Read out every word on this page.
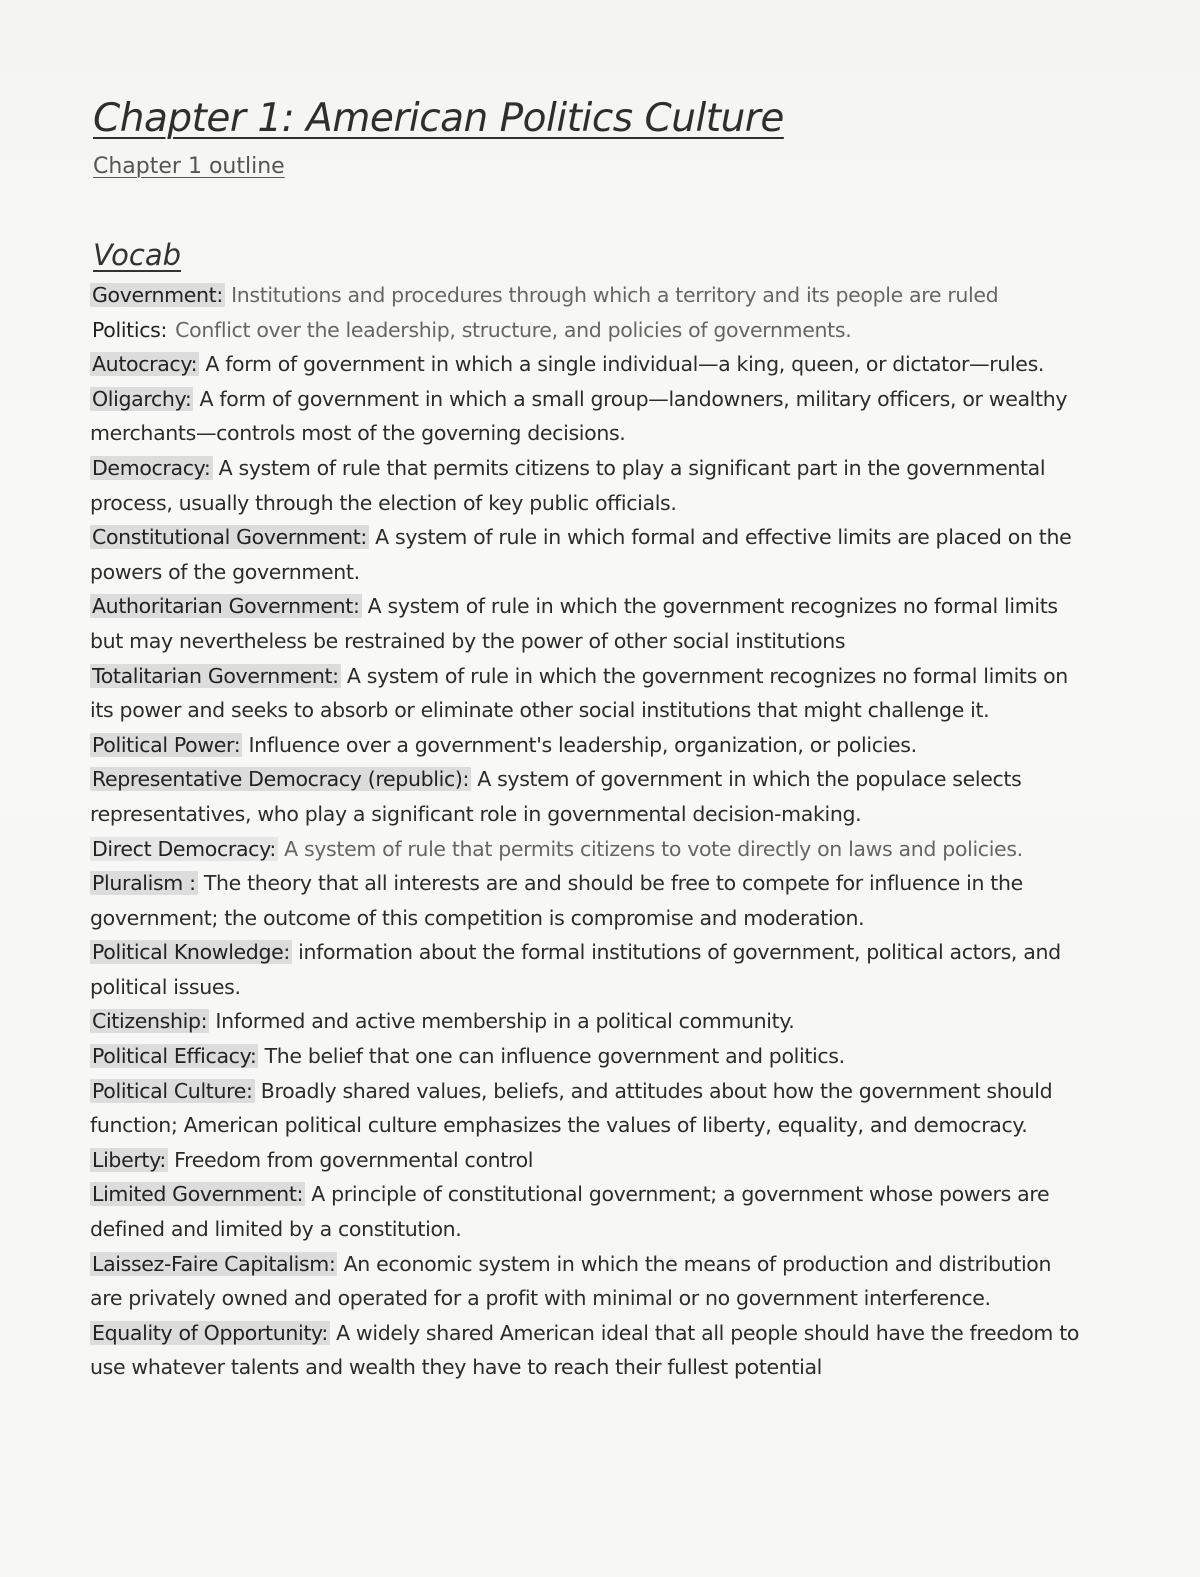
Chapter 1: American Politics Culture
Chapter 1 outline
Vocab
Government: Institutions and procedures through which a territory and its people are ruled
Politics: Conflict over the leadership, structure, and policies of governments.
Autocracy: A form of government in which a single individual—a king, queen, or dictator—rules.
Oligarchy: A form of government in which a small group—landowners, military officers, or wealthy merchants—controls most of the governing decisions.
Democracy: A system of rule that permits citizens to play a significant part in the governmental process, usually through the election of key public officials.
Constitutional Government: A system of rule in which formal and effective limits are placed on the powers of the government.
Authoritarian Government: A system of rule in which the government recognizes no formal limits but may nevertheless be restrained by the power of other social institutions
Totalitarian Government: A system of rule in which the government recognizes no formal limits on its power and seeks to absorb or eliminate other social institutions that might challenge it.
Political Power: Influence over a government's leadership, organization, or policies.
Representative Democracy (republic): A system of government in which the populace selects representatives, who play a significant role in governmental decision-making.
Direct Democracy: A system of rule that permits citizens to vote directly on laws and policies.
Pluralism : The theory that all interests are and should be free to compete for influence in the government; the outcome of this competition is compromise and moderation.
Political Knowledge: information about the formal institutions of government, political actors, and political issues.
Citizenship: Informed and active membership in a political community.
Political Efficacy: The belief that one can influence government and politics.
Political Culture: Broadly shared values, beliefs, and attitudes about how the government should function; American political culture emphasizes the values of liberty, equality, and democracy.
Liberty: Freedom from governmental control
Limited Government: A principle of constitutional government; a government whose powers are defined and limited by a constitution.
Laissez-Faire Capitalism: An economic system in which the means of production and distribution are privately owned and operated for a profit with minimal or no government interference.
Equality of Opportunity: A widely shared American ideal that all people should have the freedom to use whatever talents and wealth they have to reach their fullest potential
